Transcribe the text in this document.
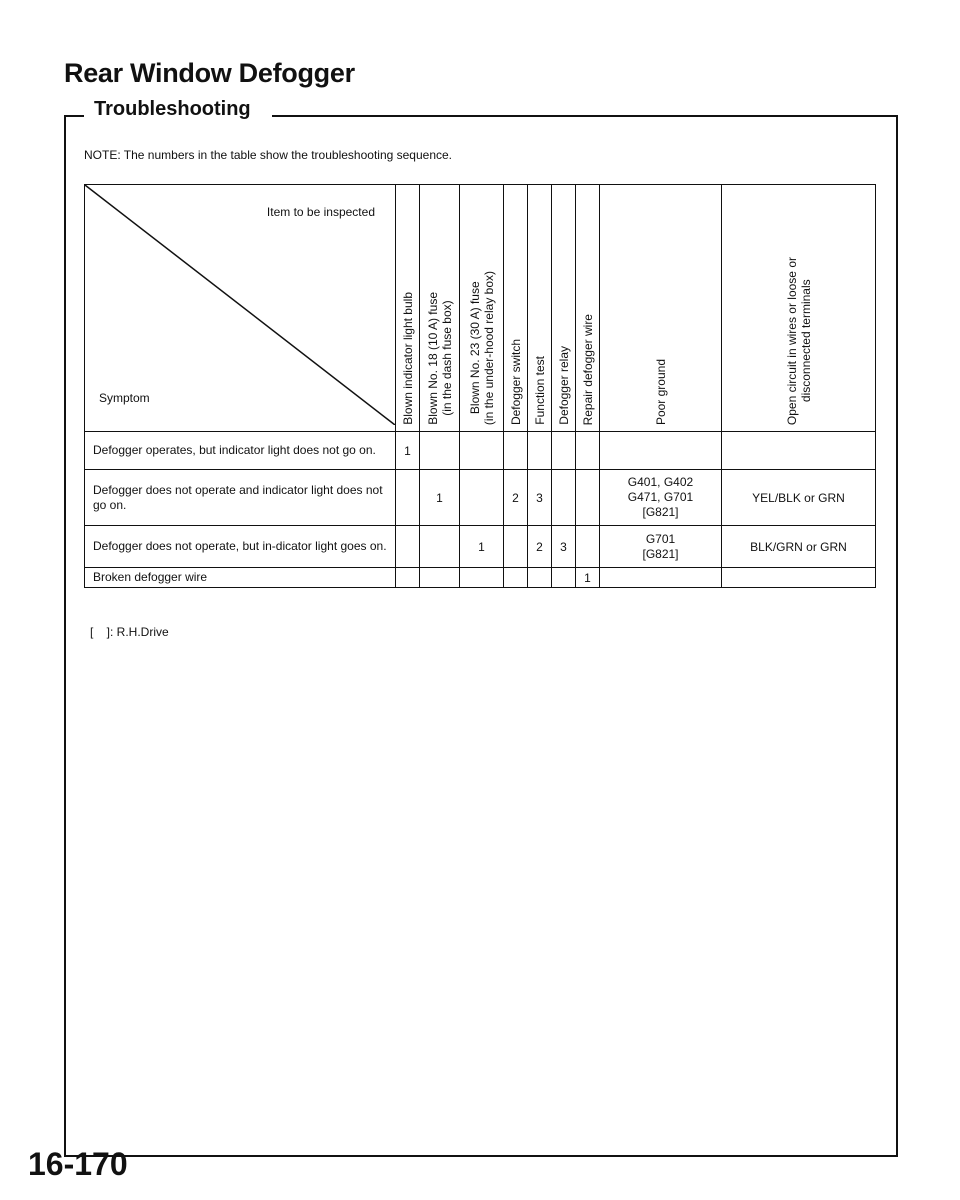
Rear Window Defogger
Troubleshooting
NOTE: The numbers in the table show the troubleshooting sequence.
Item to be inspected
Symptom	Blown indicator light bulb	Blown No. 18 (10 A) fuse
(in the dash fuse box)	Blown No. 23 (30 A) fuse
(in the under-hood relay box)	Defogger switch	Function test	Defogger relay	Repair defogger wire	Poor ground	Open circuit in wires or loose or
disconnected terminals

Defogger operates, but indicator light does not go on.	1								
Defogger does not operate and indicator light does not go on.		1		2	3			G401, G402
G471, G701
[G821]	YEL/BLK or GRN
Defogger does not operate, but in-dicator light goes on.			1		2	3		G701
[G821]	BLK/GRN or GRN
Broken defogger wire							1		
[    ]: R.H.Drive
16-170
